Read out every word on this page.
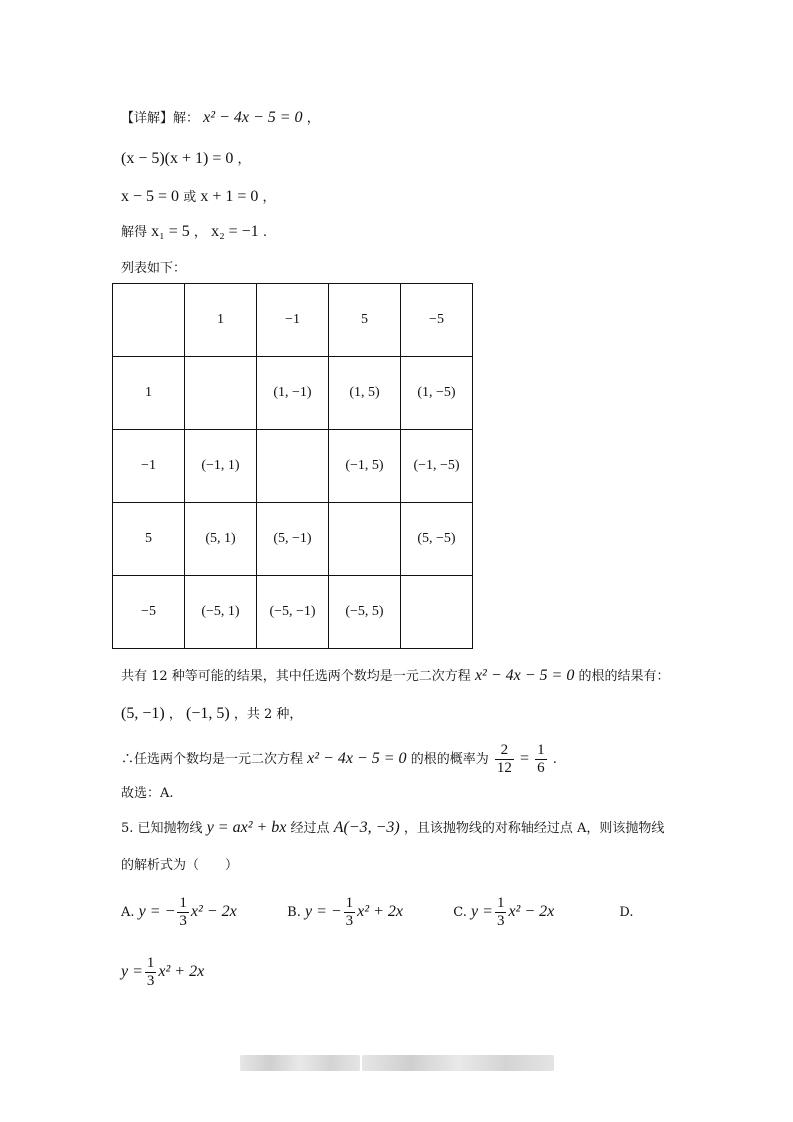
【详解】解： x² − 4x − 5 = 0 ，
(x − 5)(x + 1) = 0 ，
x − 5 = 0 或 x + 1 = 0 ，
解得 x₁ = 5 ， x₂ = −1 .
列表如下：
	1	−1	5	−5
1		(1, −1)	(1, 5)	(1, −5)
−1	(−1, 1)		(−1, 5)	(−1, −5)
5	(5, 1)	(5, −1)		(5, −5)
−5	(−5, 1)	(−5, −1)	(−5, 5)	
共有 12 种等可能的结果，其中任选两个数均是一元二次方程 x² − 4x − 5 = 0 的根的结果有：
(5, −1) ， (−1, 5) ，共 2 种，
∴任选两个数均是一元二次方程 x² − 4x − 5 = 0 的根的概率为 $\frac{2}{12} = \frac{1}{6}$ .
故选：A.
5. 已知抛物线 y = ax² + bx 经过点 A(−3, −3) ，且该抛物线的对称轴经过点 A，则该抛物线
的解析式为（　　）
A. y = − $\frac{1}{3} x^2 - 2x$	B. y = − $\frac{1}{3} x^2 + 2x$	C. $y = \frac{1}{3} x^2 - 2x$	D.
$y = \frac{1}{3} x^2 + 2x$
